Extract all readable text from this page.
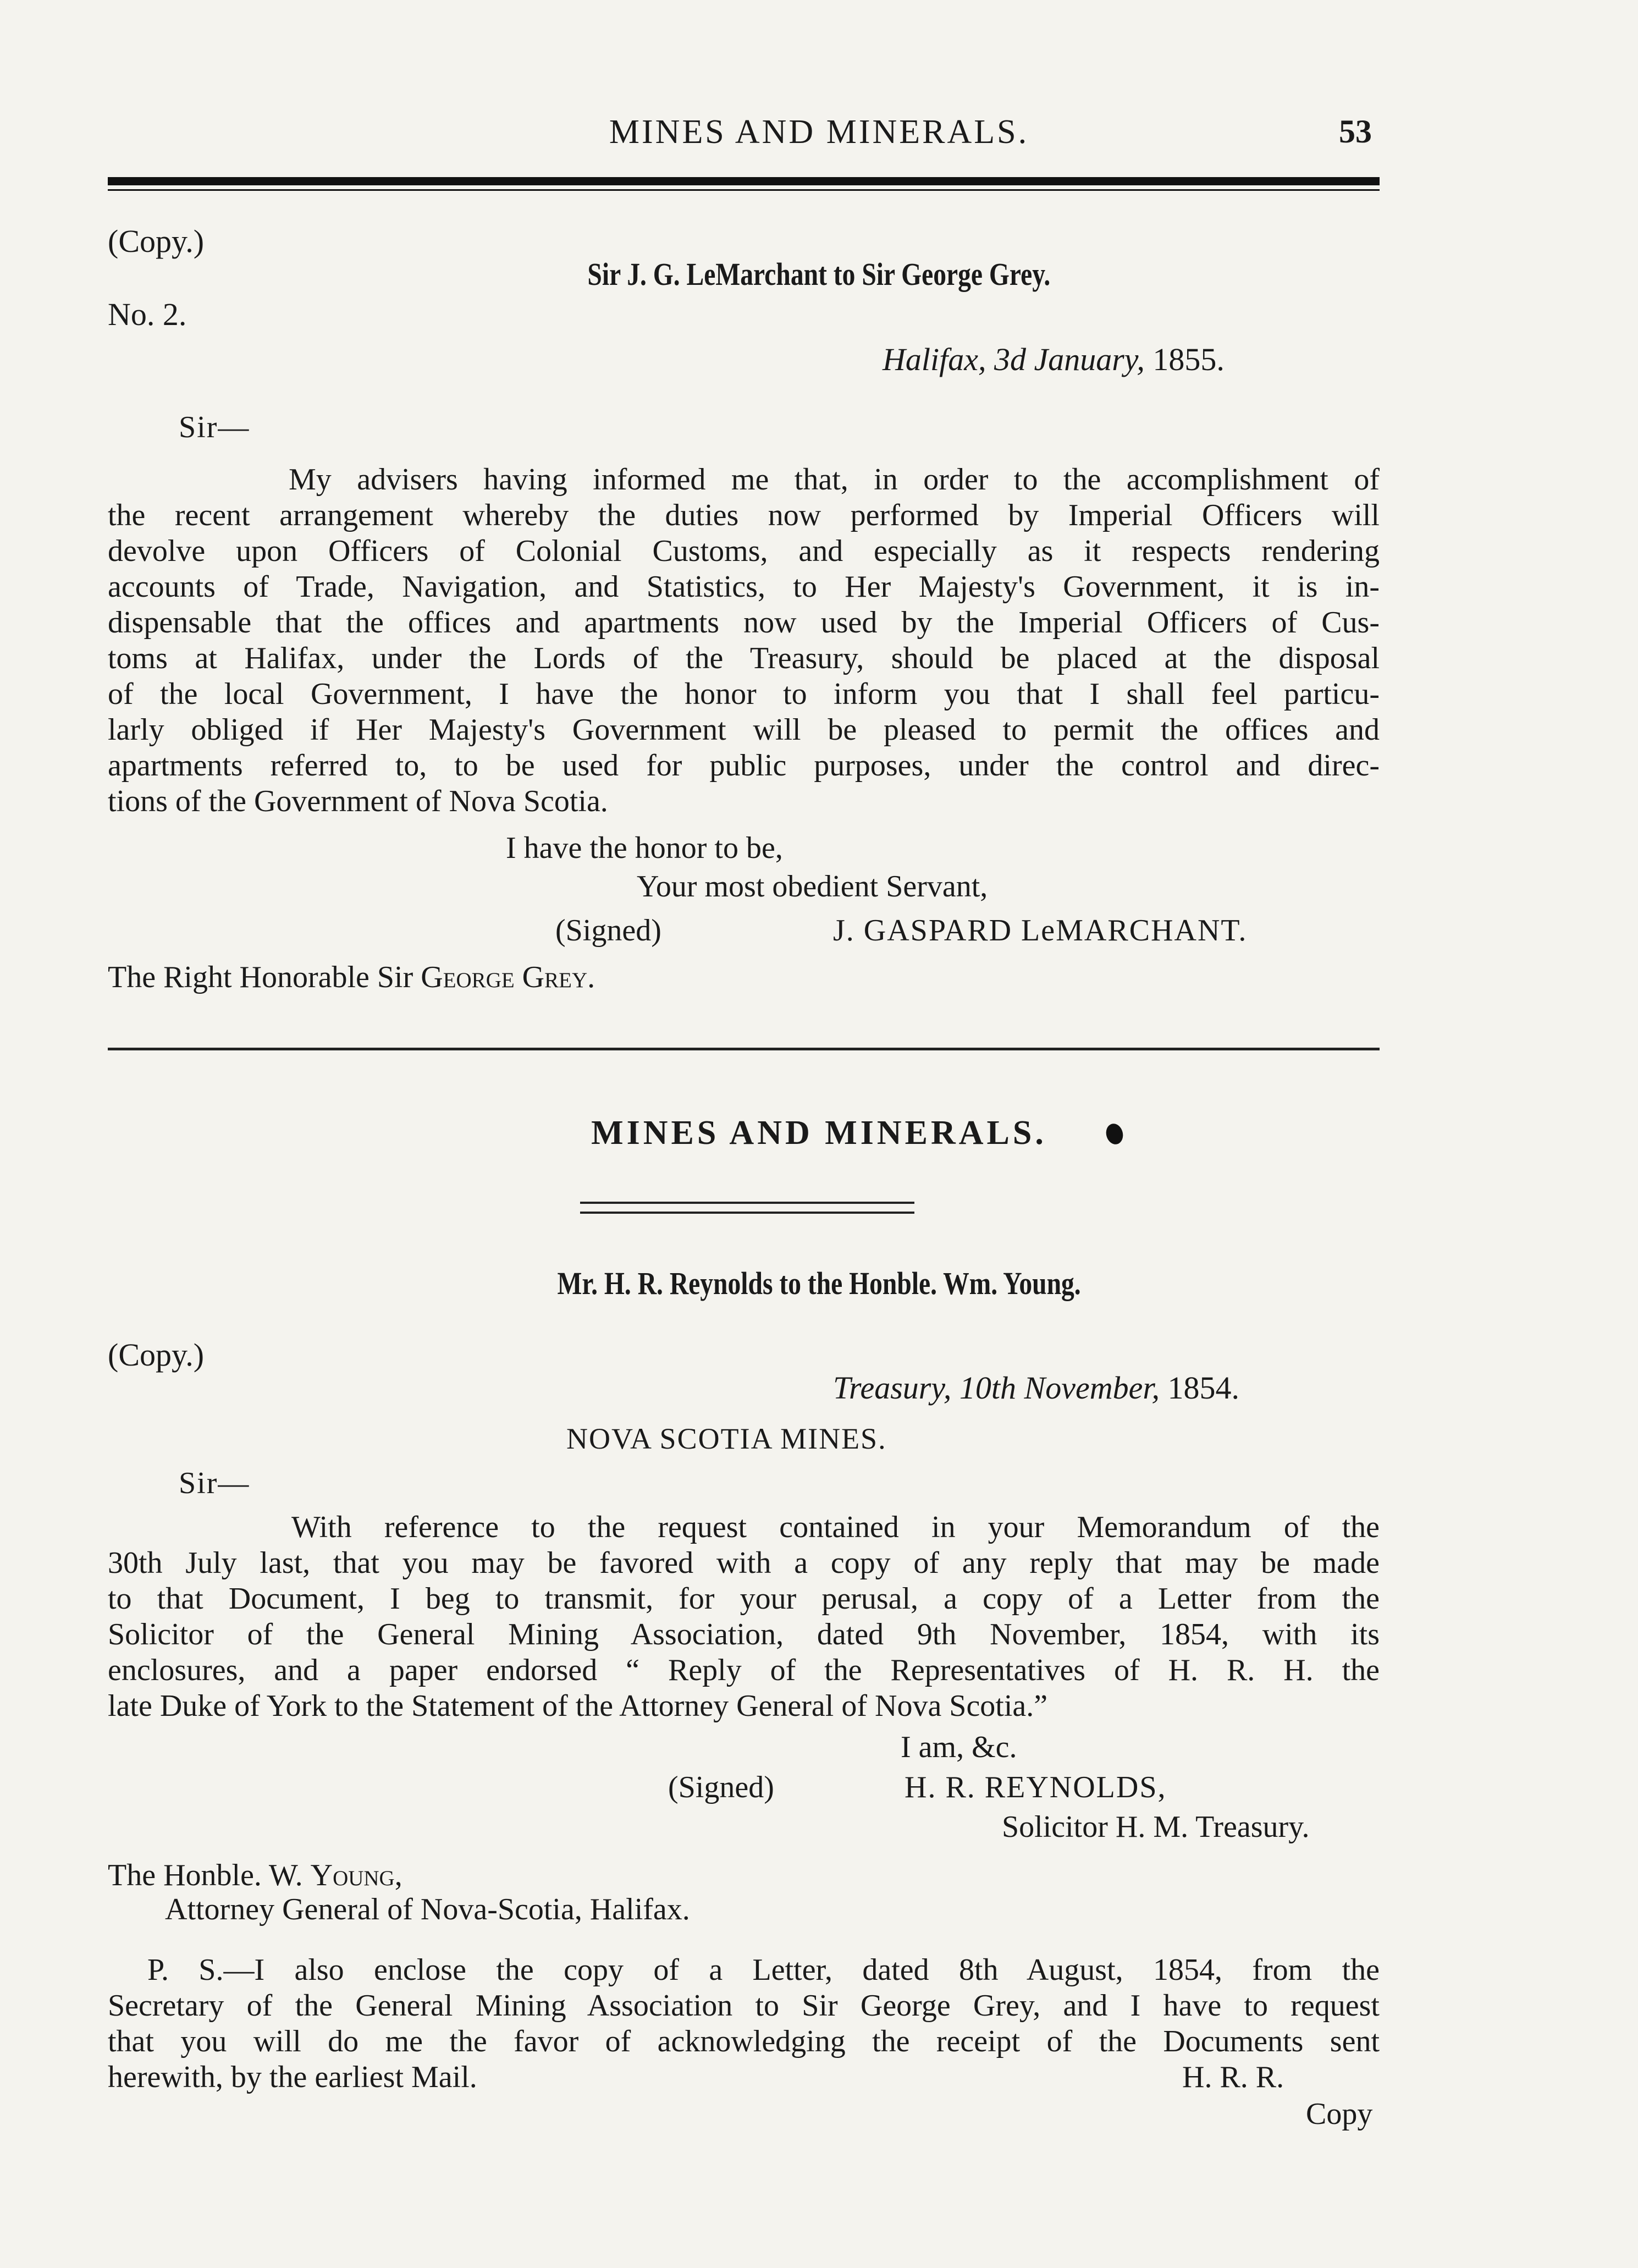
MINES AND MINERALS.	53
(Copy.)
Sir J. G. LeMarchant to Sir George Grey.
No. 2.
Halifax, 3d January, 1855.
Sir—
My advisers having informed me that, in order to the accomplishment of
the recent arrangement whereby the duties now performed by Imperial Officers will
devolve upon Officers of Colonial Customs, and especially as it respects rendering
accounts of Trade, Navigation, and Statistics, to Her Majesty's Government, it is in-
dispensable that the offices and apartments now used by the Imperial Officers of Cus-
toms at Halifax, under the Lords of the Treasury, should be placed at the disposal
of the local Government, I have the honor to inform you that I shall feel particu-
larly obliged if Her Majesty's Government will be pleased to permit the offices and
apartments referred to, to be used for public purposes, under the control and direc-
tions of the Government of Nova Scotia.
I have the honor to be,
Your most obedient Servant,
(Signed)	J. GASPARD LeMARCHANT.
The Right Honorable Sir George Grey.
MINES AND MINERALS.
Mr. H. R. Reynolds to the Honble. Wm. Young.
(Copy.)
Treasury, 10th November, 1854.
NOVA SCOTIA MINES.
Sir—
With reference to the request contained in your Memorandum of the
30th July last, that you may be favored with a copy of any reply that may be made
to that Document, I beg to transmit, for your perusal, a copy of a Letter from the
Solicitor of the General Mining Association, dated 9th November, 1854, with its
enclosures, and a paper endorsed “ Reply of the Representatives of H. R. H. the
late Duke of York to the Statement of the Attorney General of Nova Scotia.”
I am, &c.
(Signed)	H. R. REYNOLDS,
Solicitor H. M. Treasury.
The Honble. W. Young,
Attorney General of Nova-Scotia, Halifax.
P. S.—I also enclose the copy of a Letter, dated 8th August, 1854, from the
Secretary of the General Mining Association to Sir George Grey, and I have to request
that you will do me the favor of acknowledging the receipt of the Documents sent
herewith, by the earliest Mail.	H. R. R.
Copy
